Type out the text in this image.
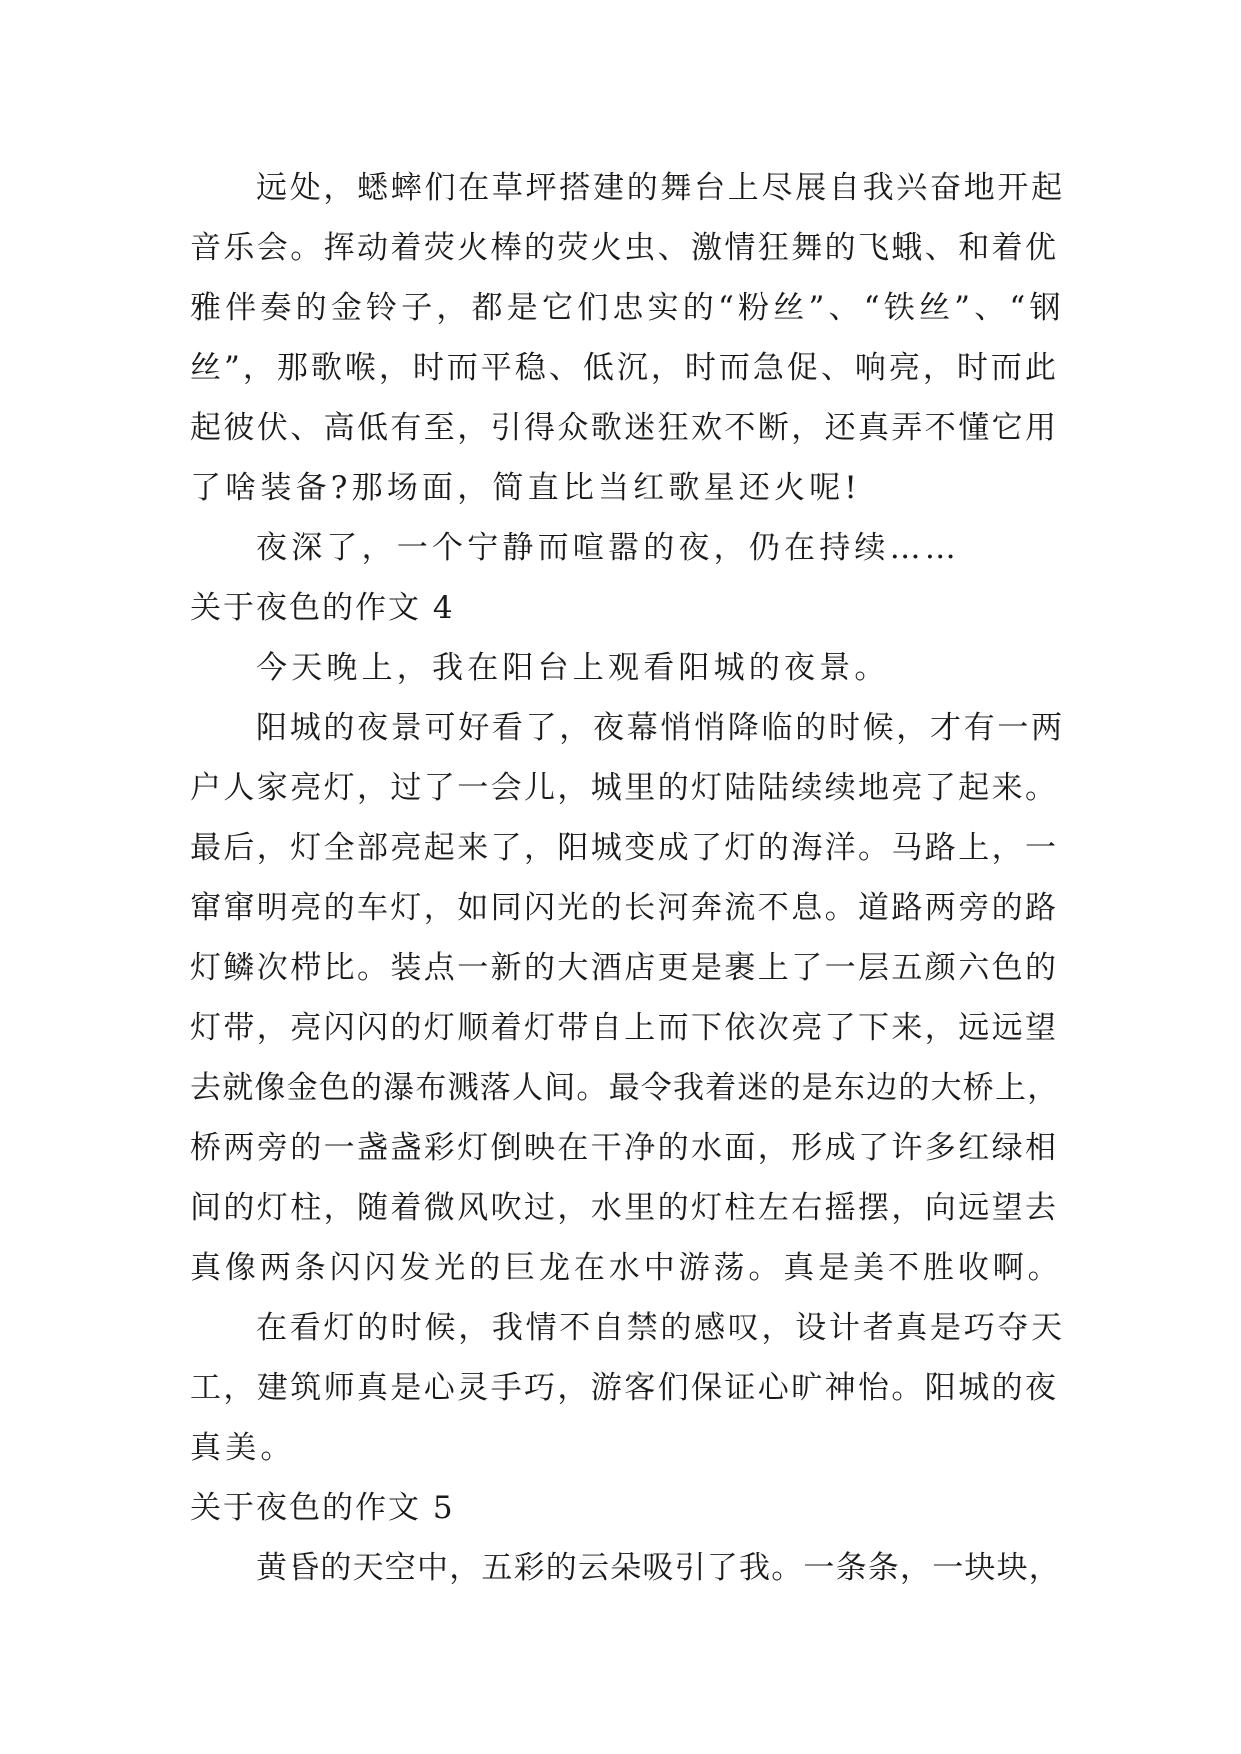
远处，蟋蟀们在草坪搭建的舞台上尽展自我兴奋地开起
音乐会。挥动着荧火棒的荧火虫、激情狂舞的飞蛾、和着优
雅伴奏的金铃子，都是它们忠实的“粉丝”、“铁丝”、“钢
丝”，那歌喉，时而平稳、低沉，时而急促、响亮，时而此
起彼伏、高低有至，引得众歌迷狂欢不断，还真弄不懂它用
了啥装备?那场面，简直比当红歌星还火呢!
夜深了，一个宁静而喧嚣的夜，仍在持续……
关于夜色的作文 4
今天晚上，我在阳台上观看阳城的夜景。
阳城的夜景可好看了，夜幕悄悄降临的时候，才有一两
户人家亮灯，过了一会儿，城里的灯陆陆续续地亮了起来。
最后，灯全部亮起来了，阳城变成了灯的海洋。马路上，一
窜窜明亮的车灯，如同闪光的长河奔流不息。道路两旁的路
灯鳞次栉比。装点一新的大酒店更是裹上了一层五颜六色的
灯带，亮闪闪的灯顺着灯带自上而下依次亮了下来，远远望
去就像金色的瀑布溅落人间。最令我着迷的是东边的大桥上，
桥两旁的一盏盏彩灯倒映在干净的水面，形成了许多红绿相
间的灯柱，随着微风吹过，水里的灯柱左右摇摆，向远望去
真像两条闪闪发光的巨龙在水中游荡。真是美不胜收啊。
在看灯的时候，我情不自禁的感叹，设计者真是巧夺天
工，建筑师真是心灵手巧，游客们保证心旷神怡。阳城的夜
真美。
关于夜色的作文 5
黄昏的天空中，五彩的云朵吸引了我。一条条，一块块，
